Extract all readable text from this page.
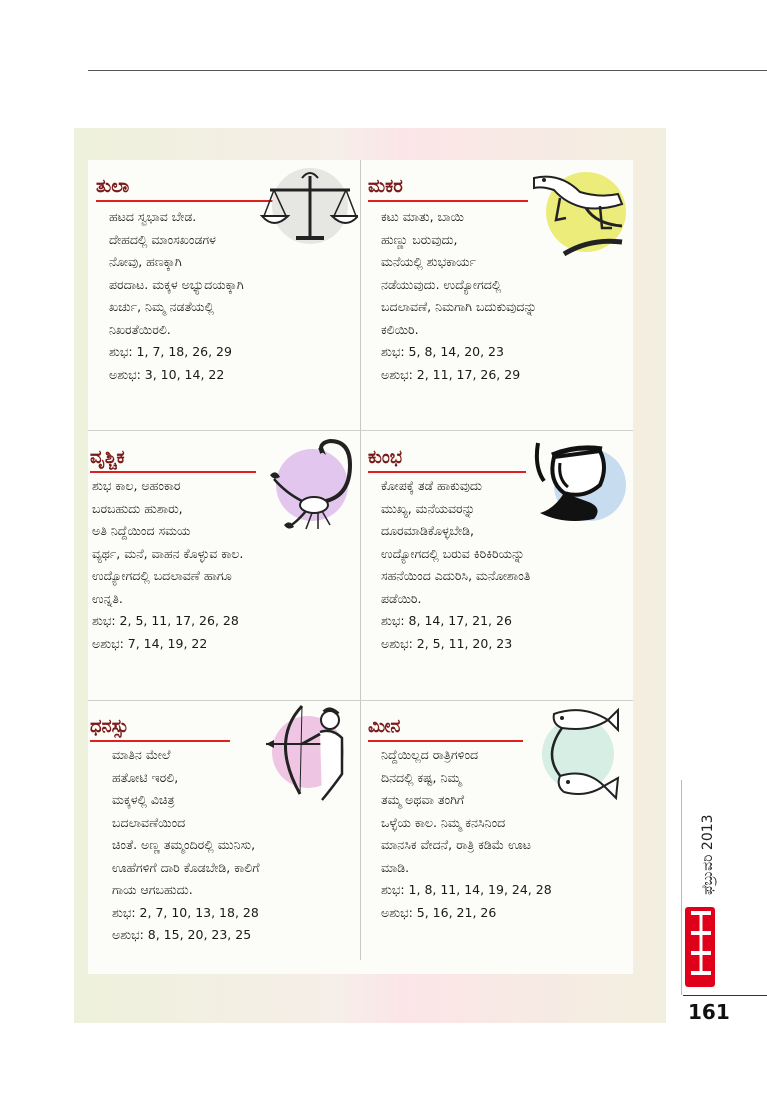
ತುಲಾ
ಹಟದ ಸ್ವಭಾವ ಬೇಡ.
ದೇಹದಲ್ಲಿ ಮಾಂಸಖಂಡಗಳ
ನೋವು, ಹಣಕ್ಕಾಗಿ
ಪರದಾಟ. ಮಕ್ಕಳ ಅಭ್ಯುದಯಕ್ಕಾಗಿ
ಖರ್ಚು, ನಿಮ್ಮ ನಡತೆಯಲ್ಲಿ
ನಿಖರತೆಯಿರಲಿ.
ಶುಭ: 1, 7, 18, 26, 29
ಅಶುಭ: 3, 10, 14, 22
ಮಕರ
ಕಟು ಮಾತು, ಬಾಯಿ
ಹುಣ್ಣು ಬರುವುದು,
ಮನೆಯಲ್ಲಿ ಶುಭಕಾರ್ಯ
ನಡೆಯುವುದು. ಉದ್ಯೋಗದಲ್ಲಿ
ಬದಲಾವಣೆ, ನಿಮಗಾಗಿ ಬದುಕುವುದನ್ನು
ಕಲಿಯಿರಿ.
ಶುಭ: 5, 8, 14, 20, 23
ಅಶುಭ: 2, 11, 17, 26, 29
ವೃಶ್ಚಿಕ
ಶುಭ ಕಾಲ, ಅಹಂಕಾರ
ಬರಬಹುದು ಹುಶಾರು,
ಅತಿ ನಿದ್ದೆಯಿಂದ ಸಮಯ
ವ್ಯರ್ಥ, ಮನೆ, ವಾಹನ ಕೊಳ್ಳುವ ಕಾಲ.
ಉದ್ಯೋಗದಲ್ಲಿ ಬದಲಾವಣೆ ಹಾಗೂ
ಉನ್ನತಿ.
ಶುಭ: 2, 5, 11, 17, 26, 28
ಅಶುಭ: 7, 14, 19, 22
ಕುಂಭ
ಕೋಪಕ್ಕೆ ತಡೆ ಹಾಕುವುದು
ಮುಖ್ಯ, ಮನೆಯವರನ್ನು
ದೂರಮಾಡಿಕೊಳ್ಳಬೇಡಿ,
ಉದ್ಯೋಗದಲ್ಲಿ ಬರುವ ಕಿರಿಕಿರಿಯನ್ನು
ಸಹನೆಯಿಂದ ಎದುರಿಸಿ, ಮನೋಶಾಂತಿ
ಪಡೆಯಿರಿ.
ಶುಭ: 8, 14, 17, 21, 26
ಅಶುಭ: 2, 5, 11, 20, 23
ಧನಸ್ಸು
ಮಾತಿನ ಮೇಲೆ
ಹತೋಟಿ ಇರಲಿ,
ಮಕ್ಕಳಲ್ಲಿ ವಿಚಿತ್ರ
ಬದಲಾವಣೆಯಿಂದ
ಚಿಂತೆ. ಅಣ್ಣ ತಮ್ಮಂದಿರಲ್ಲಿ ಮುನಿಸು,
ಊಹೆಗಳಿಗೆ ದಾರಿ ಕೊಡಬೇಡಿ, ಕಾಲಿಗೆ
ಗಾಯ ಆಗಬಹುದು.
ಶುಭ: 2, 7, 10, 13, 18, 28
ಅಶುಭ: 8, 15, 20, 23, 25
ಮೀನ
ನಿದ್ದೆಯಿಲ್ಲದ ರಾತ್ರಿಗಳಿಂದ
ದಿನದಲ್ಲಿ ಕಷ್ಟ, ನಿಮ್ಮ
ತಮ್ಮ ಅಥವಾ ತಂಗಿಗೆ
ಒಳ್ಳೆಯ ಕಾಲ. ನಿಮ್ಮ ಕನಸಿನಿಂದ
ಮಾನಸಿಕ ವೇದನೆ, ರಾತ್ರಿ ಕಡಿಮೆ ಊಟ
ಮಾಡಿ.
ಶುಭ: 1, 8, 11, 14, 19, 24, 28
ಅಶುಭ: 5, 16, 21, 26
ಫೆಬ್ರುವರಿ 2013
161
